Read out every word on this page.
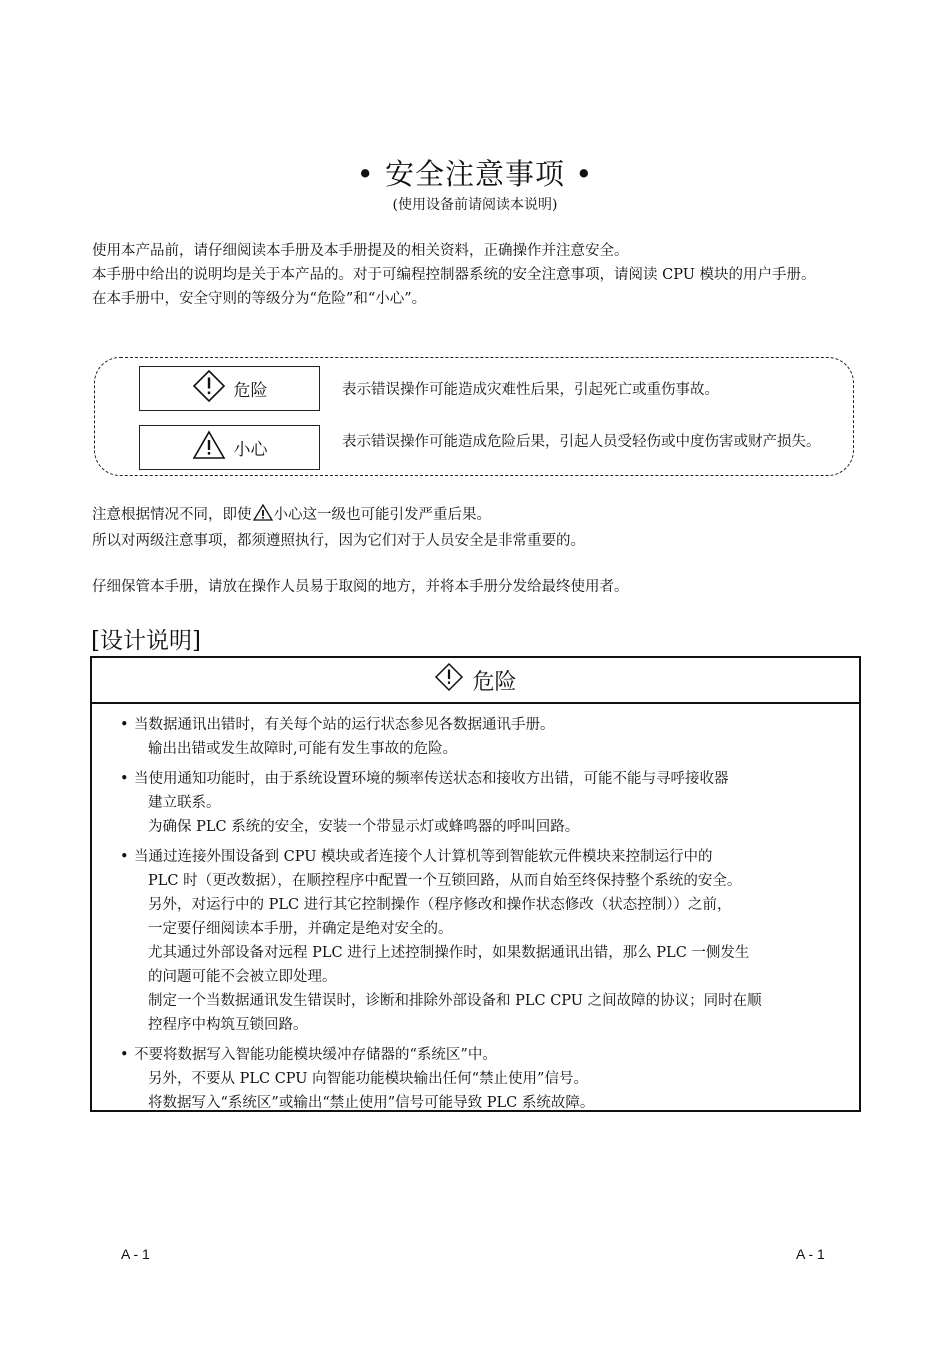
• 安全注意事项 •
(使用设备前请阅读本说明)

使用本产品前，请仔细阅读本手册及本手册提及的相关资料，正确操作并注意安全。

本手册中给出的说明均是关于本产品的。对于可编程控制器系统的安全注意事项，请阅读 CPU 模块的用户手册。

在本手册中，安全守则的等级分为“危险”和“小心”。

危险	表示错误操作可能造成灾难性后果，引起死亡或重伤事故。
小心	表示错误操作可能造成危险后果，引起人员受轻伤或中度伤害或财产损失。

注意根据情况不同，即使 小心这一级也可能引发严重后果。

所以对两级注意事项，都须遵照执行，因为它们对于人员安全是非常重要的。

仔细保管本手册，请放在操作人员易于取阅的地方，并将本手册分发给最终使用者。

[设计说明]
危险
• 当数据通讯出错时，有关每个站的运行状态参见各数据通讯手册。

输出出错或发生故障时,可能有发生事故的危险。

• 当使用通知功能时，由于系统设置环境的频率传送状态和接收方出错，可能不能与寻呼接收器

建立联系。

为确保 PLC 系统的安全，安装一个带显示灯或蜂鸣器的呼叫回路。

• 当通过连接外围设备到 CPU 模块或者连接个人计算机等到智能软元件模块来控制运行中的

PLC 时（更改数据），在顺控程序中配置一个互锁回路，从而自始至终保持整个系统的安全。

另外，对运行中的 PLC 进行其它控制操作（程序修改和操作状态修改（状态控制））之前，

一定要仔细阅读本手册，并确定是绝对安全的。

尤其通过外部设备对远程 PLC 进行上述控制操作时，如果数据通讯出错，那么 PLC 一侧发生

的问题可能不会被立即处理。

制定一个当数据通讯发生错误时，诊断和排除外部设备和 PLC CPU 之间故障的协议；同时在顺

控程序中构筑互锁回路。

• 不要将数据写入智能功能模块缓冲存储器的“系统区”中。

另外，不要从 PLC CPU 向智能功能模块输出任何“禁止使用”信号。

将数据写入“系统区”或输出“禁止使用”信号可能导致 PLC 系统故障。

A - 1	A - 1
